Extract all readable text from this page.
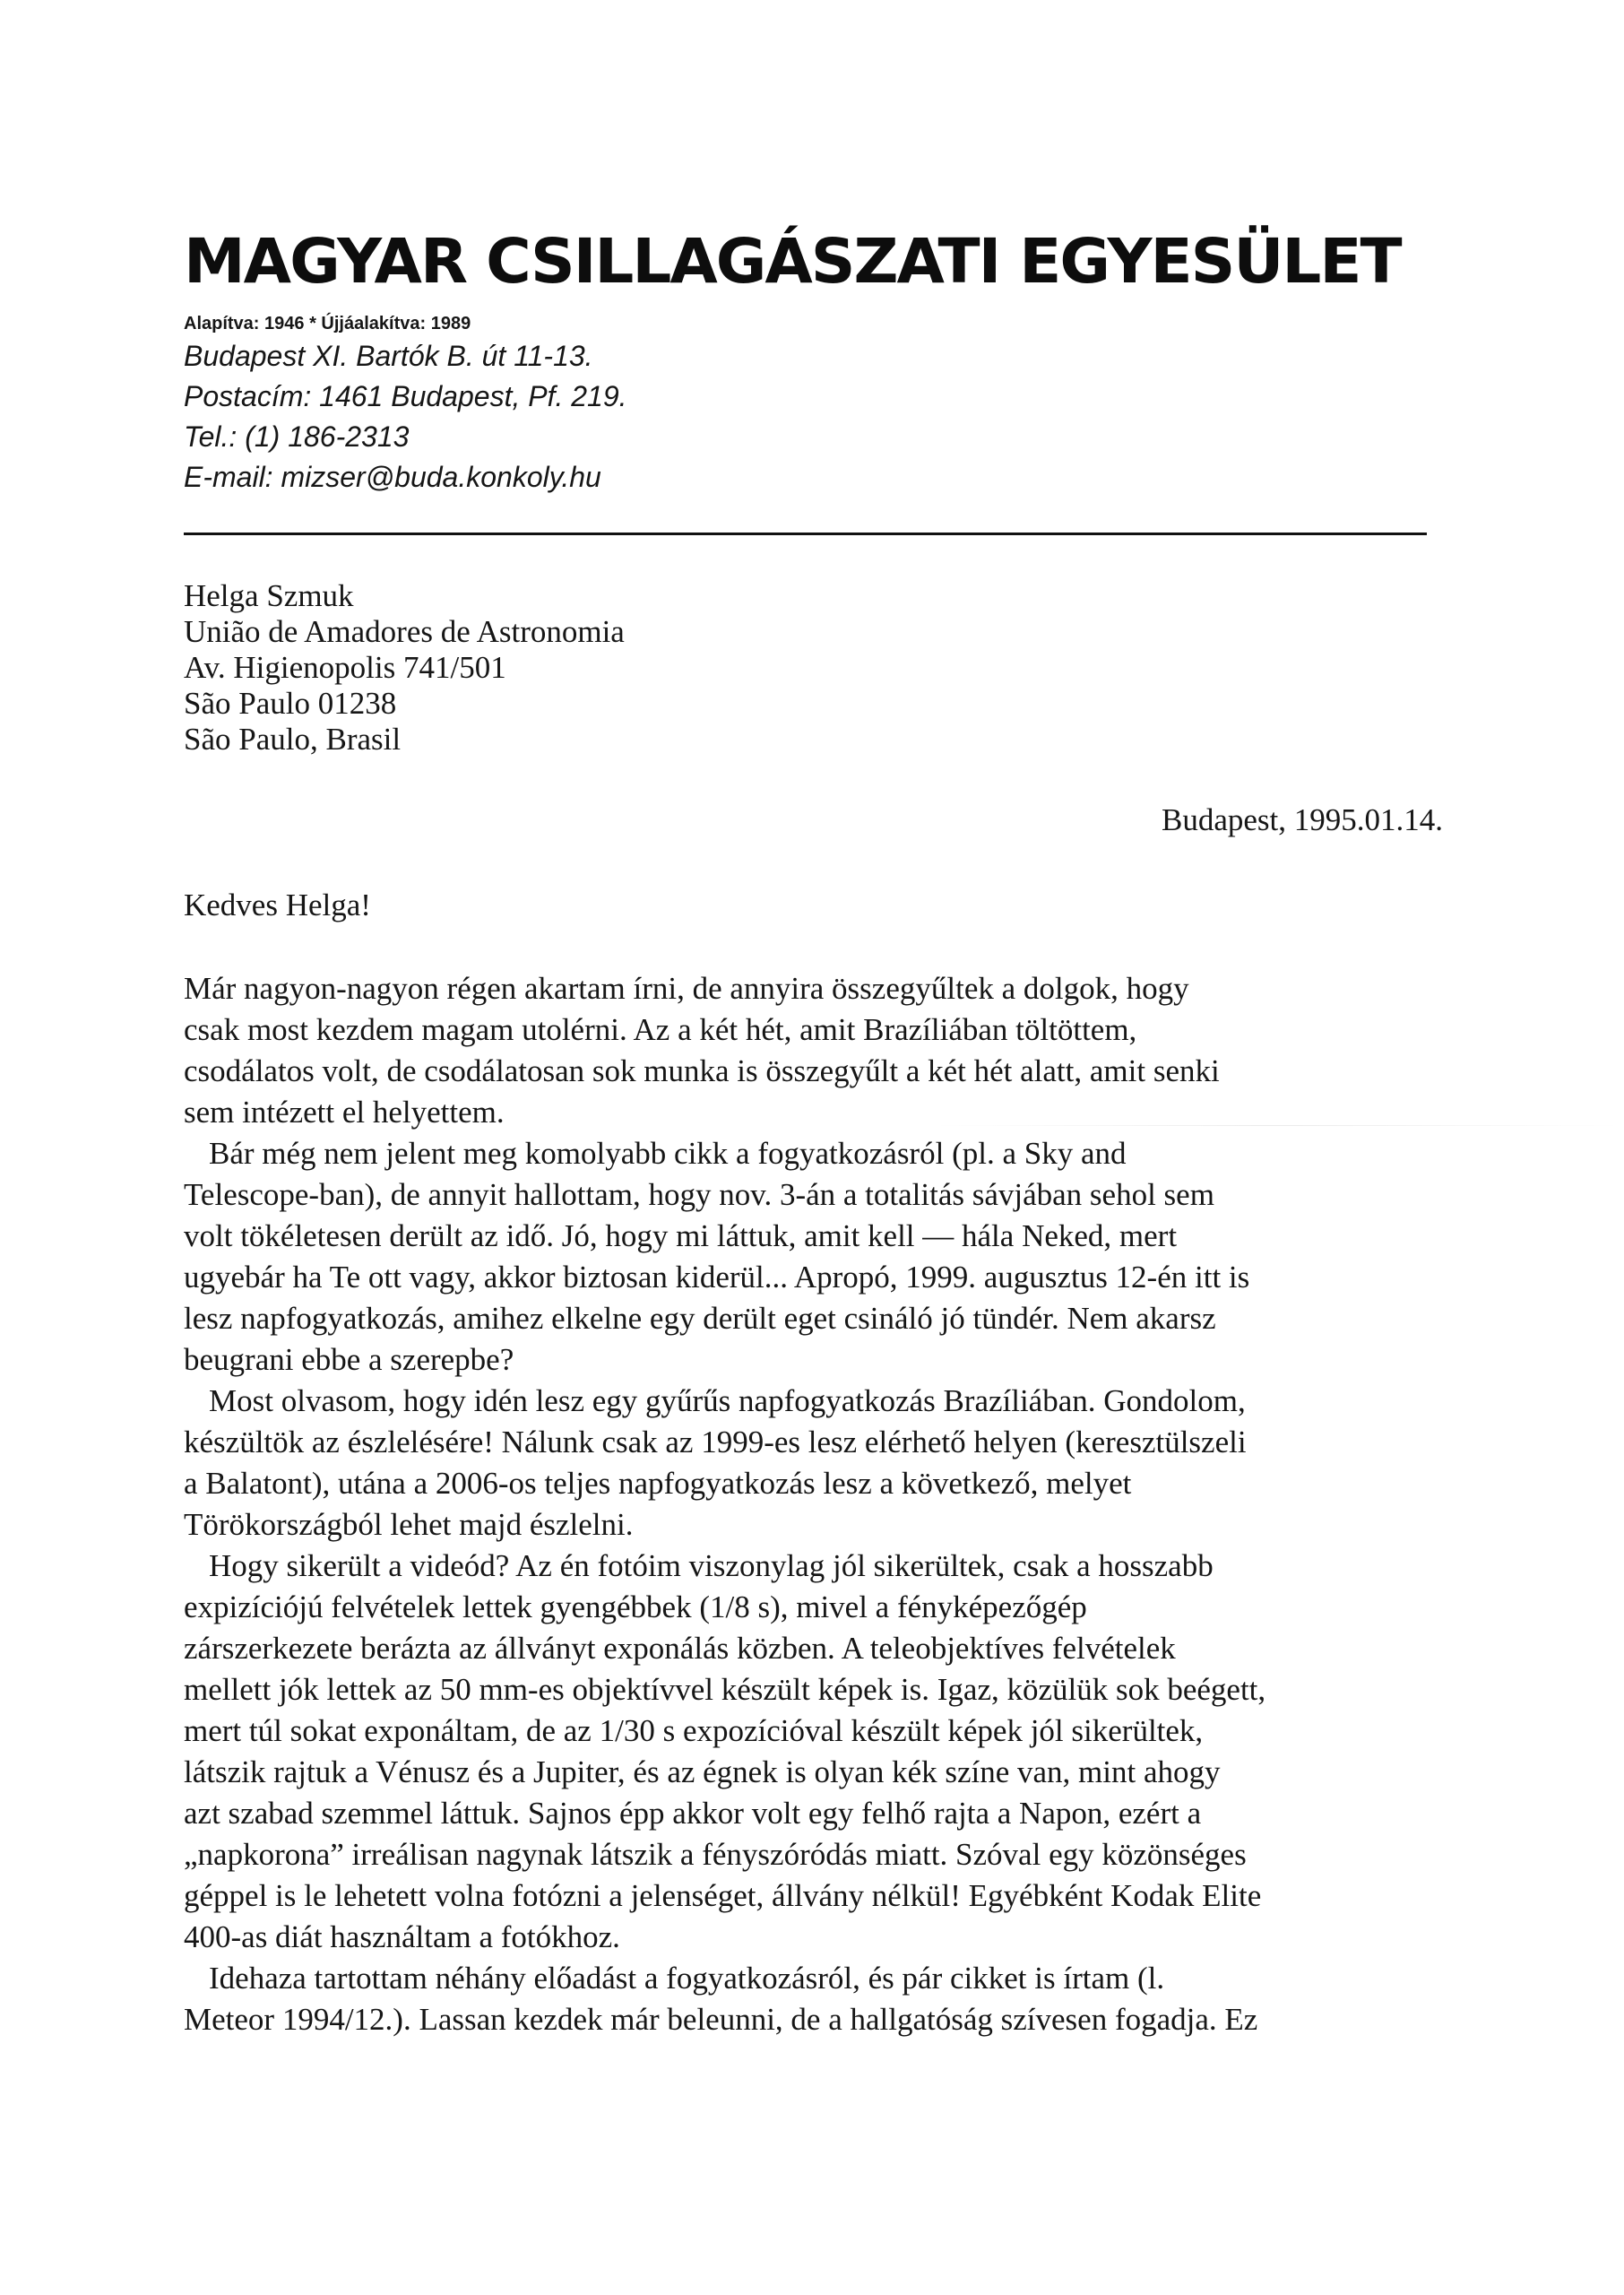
MAGYAR CSILLAGÁSZATI EGYESÜLET
Alapítva: 1946 * Újjáalakítva: 1989
Budapest XI. Bartók B. út 11-13.
Postacím: 1461 Budapest, Pf. 219.
Tel.: (1) 186-2313
E-mail: mizser@buda.konkoly.hu
Helga Szmuk
União de Amadores de Astronomia
Av. Higienopolis 741/501
São Paulo 01238
São Paulo, Brasil
Budapest, 1995.01.14.
Kedves Helga!
Már nagyon-nagyon régen akartam írni, de annyira összegyűltek a dolgok, hogy
csak most kezdem magam utolérni. Az a két hét, amit Brazíliában töltöttem,
csodálatos volt, de csodálatosan sok munka is összegyűlt a két hét alatt, amit senki
sem intézett el helyettem.
Bár még nem jelent meg komolyabb cikk a fogyatkozásról (pl. a Sky and
Telescope-ban), de annyit hallottam, hogy nov. 3-án a totalitás sávjában sehol sem
volt tökéletesen derült az idő. Jó, hogy mi láttuk, amit kell — hála Neked, mert
ugyebár ha Te ott vagy, akkor biztosan kiderül... Apropó, 1999. augusztus 12-én itt is
lesz napfogyatkozás, amihez elkelne egy derült eget csináló jó tündér. Nem akarsz
beugrani ebbe a szerepbe?
Most olvasom, hogy idén lesz egy gyűrűs napfogyatkozás Brazíliában. Gondolom,
készültök az észlelésére! Nálunk csak az 1999-es lesz elérhető helyen (keresztülszeli
a Balatont), utána a 2006-os teljes napfogyatkozás lesz a következő, melyet
Törökországból lehet majd észlelni.
Hogy sikerült a videód? Az én fotóim viszonylag jól sikerültek, csak a hosszabb
expizíciójú felvételek lettek gyengébbek (1/8 s), mivel a fényképezőgép
zárszerkezete berázta az állványt exponálás közben. A teleobjektíves felvételek
mellett jók lettek az 50 mm-es objektívvel készült képek is. Igaz, közülük sok beégett,
mert túl sokat exponáltam, de az 1/30 s expozícióval készült képek jól sikerültek,
látszik rajtuk a Vénusz és a Jupiter, és az égnek is olyan kék színe van, mint ahogy
azt szabad szemmel láttuk. Sajnos épp akkor volt egy felhő rajta a Napon, ezért a
„napkorona” irreálisan nagynak látszik a fényszóródás miatt. Szóval egy közönséges
géppel is le lehetett volna fotózni a jelenséget, állvány nélkül! Egyébként Kodak Elite
400-as diát használtam a fotókhoz.
Idehaza tartottam néhány előadást a fogyatkozásról, és pár cikket is írtam (l.
Meteor 1994/12.). Lassan kezdek már beleunni, de a hallgatóság szívesen fogadja. Ez
